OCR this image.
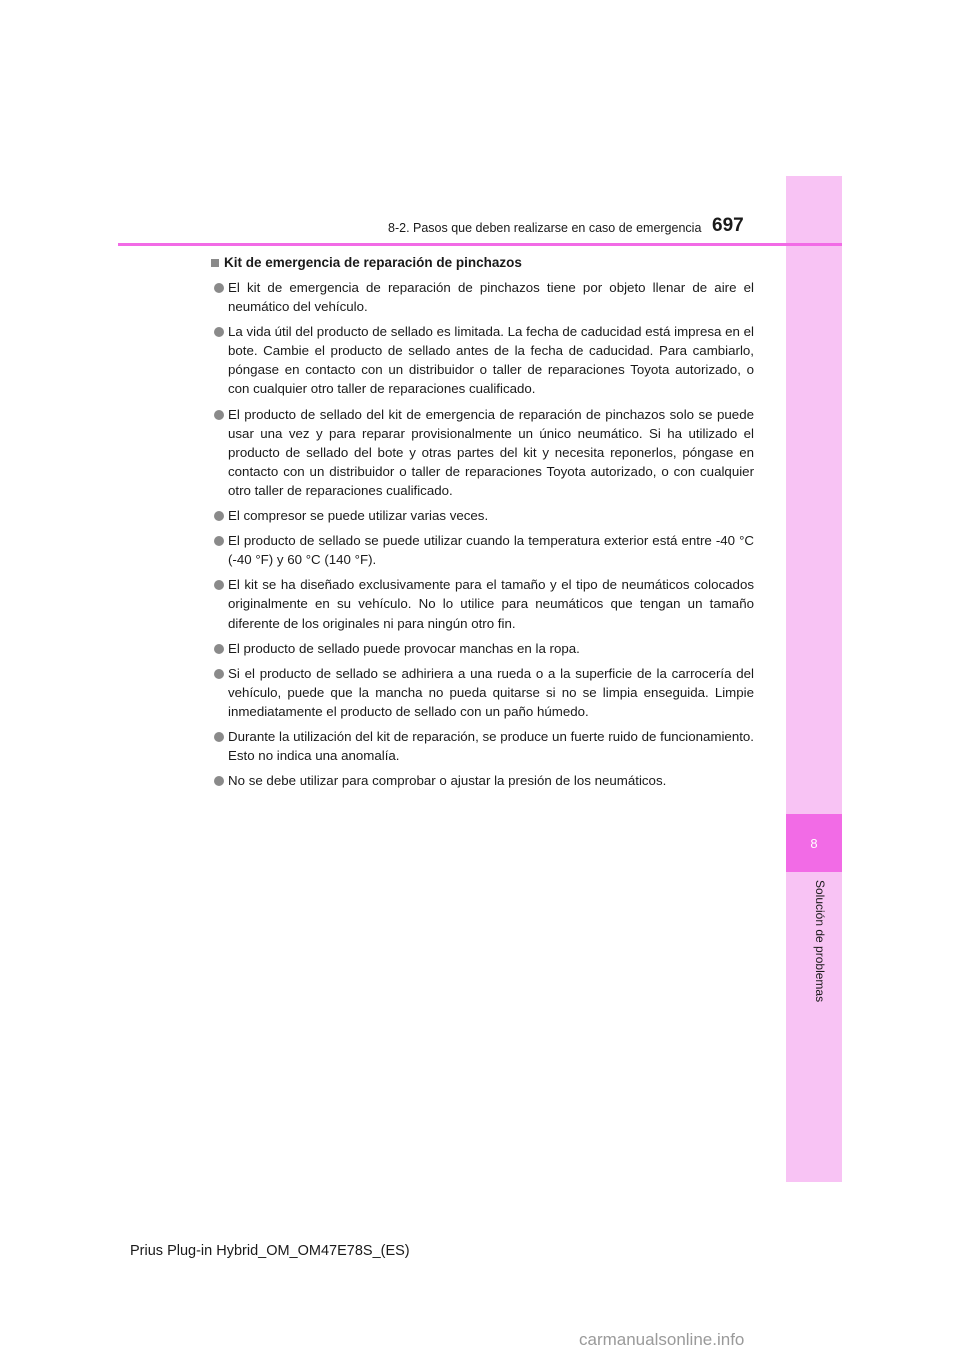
8
Solución de problemas
8-2. Pasos que deben realizarse en caso de emergencia 697
Kit de emergencia de reparación de pinchazos
El kit de emergencia de reparación de pinchazos tiene por objeto llenar de aire el neumático del vehículo.
La vida útil del producto de sellado es limitada. La fecha de caducidad está impresa en el bote. Cambie el producto de sellado antes de la fecha de caducidad. Para cambiarlo, póngase en contacto con un distribuidor o taller de reparaciones Toyota autorizado, o con cualquier otro taller de reparaciones cualificado.
El producto de sellado del kit de emergencia de reparación de pinchazos solo se puede usar una vez y para reparar provisionalmente un único neumático. Si ha utilizado el producto de sellado del bote y otras partes del kit y necesita reponerlos, póngase en contacto con un distribuidor o taller de reparaciones Toyota autorizado, o con cualquier otro taller de reparaciones cualificado.
El compresor se puede utilizar varias veces.
El producto de sellado se puede utilizar cuando la temperatura exterior está entre -40 °C (-40 °F) y 60 °C (140 °F).
El kit se ha diseñado exclusivamente para el tamaño y el tipo de neumáticos colocados originalmente en su vehículo. No lo utilice para neumáticos que tengan un tamaño diferente de los originales ni para ningún otro fin.
El producto de sellado puede provocar manchas en la ropa.
Si el producto de sellado se adhiriera a una rueda o a la superficie de la carrocería del vehículo, puede que la mancha no pueda quitarse si no se limpia enseguida. Limpie inmediatamente el producto de sellado con un paño húmedo.
Durante la utilización del kit de reparación, se produce un fuerte ruido de funcionamiento. Esto no indica una anomalía.
No se debe utilizar para comprobar o ajustar la presión de los neumáticos.
Prius Plug-in Hybrid_OM_OM47E78S_(ES)
carmanualsonline.info
